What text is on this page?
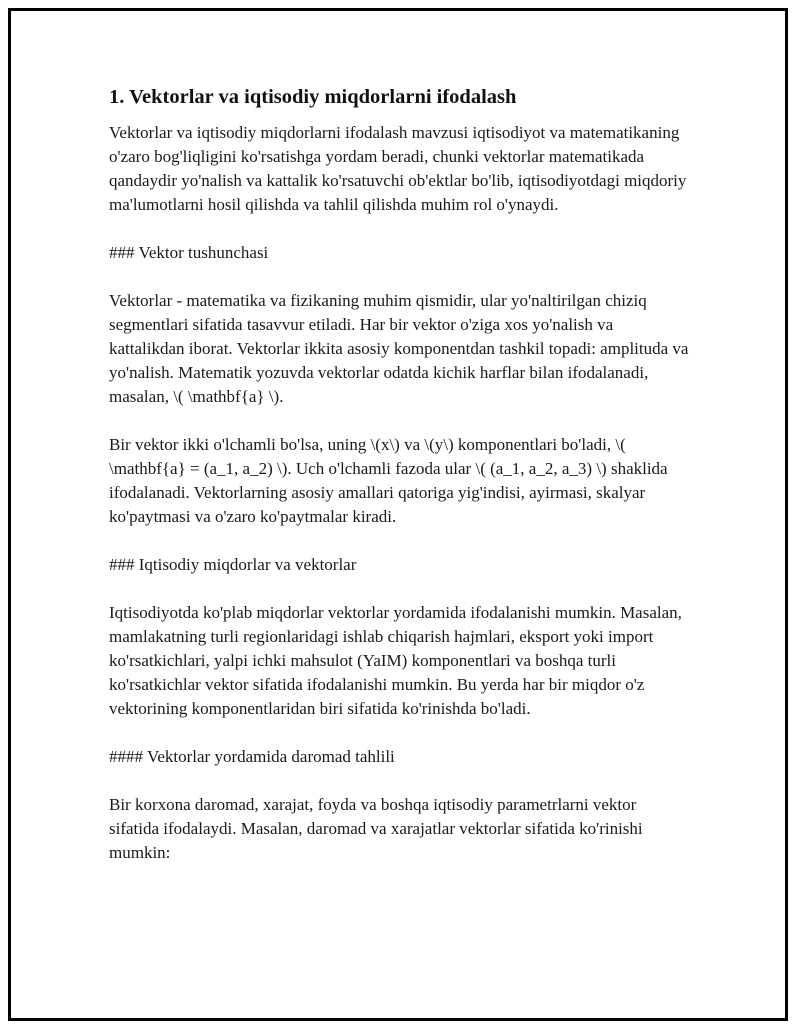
1. Vektorlar va iqtisodiy miqdorlarni ifodalash

Vektorlar va iqtisodiy miqdorlarni ifodalash mavzusi iqtisodiyot va matematikaning o'zaro bog'liqligini ko'rsatishga yordam beradi, chunki vektorlar matematikada qandaydir yo'nalish va kattalik ko'rsatuvchi ob'ektlar bo'lib, iqtisodiyotdagi miqdoriy ma'lumotlarni hosil qilishda va tahlil qilishda muhim rol o'ynaydi.

### Vektor tushunchasi

Vektorlar - matematika va fizikaning muhim qismidir, ular yo'naltirilgan chiziq segmentlari sifatida tasavvur etiladi. Har bir vektor o'ziga xos yo'nalish va kattalikdan iborat. Vektorlar ikkita asosiy komponentdan tashkil topadi: amplituda va yo'nalish. Matematik yozuvda vektorlar odatda kichik harflar bilan ifodalanadi, masalan, \( \mathbf{a} \).

Bir vektor ikki o'lchamli bo'lsa, uning \(x\) va \(y\) komponentlari bo'ladi, \( \mathbf{a} = (a_1, a_2) \). Uch o'lchamli fazoda ular \( (a_1, a_2, a_3) \) shaklida ifodalanadi. Vektorlarning asosiy amallari qatoriga yig'indisi, ayirmasi, skalyar ko'paytmasi va o'zaro ko'paytmalar kiradi.

### Iqtisodiy miqdorlar va vektorlar

Iqtisodiyotda ko'plab miqdorlar vektorlar yordamida ifodalanishi mumkin. Masalan, mamlakatning turli regionlaridagi ishlab chiqarish hajmlari, eksport yoki import ko'rsatkichlari, yalpi ichki mahsulot (YaIM) komponentlari va boshqa turli ko'rsatkichlar vektor sifatida ifodalanishi mumkin. Bu yerda har bir miqdor o'z vektorining komponentlaridan biri sifatida ko'rinishda bo'ladi.

#### Vektorlar yordamida daromad tahlili

Bir korxona daromad, xarajat, foyda va boshqa iqtisodiy parametrlarni vektor sifatida ifodalaydi. Masalan, daromad va xarajatlar vektorlar sifatida ko'rinishi mumkin:
